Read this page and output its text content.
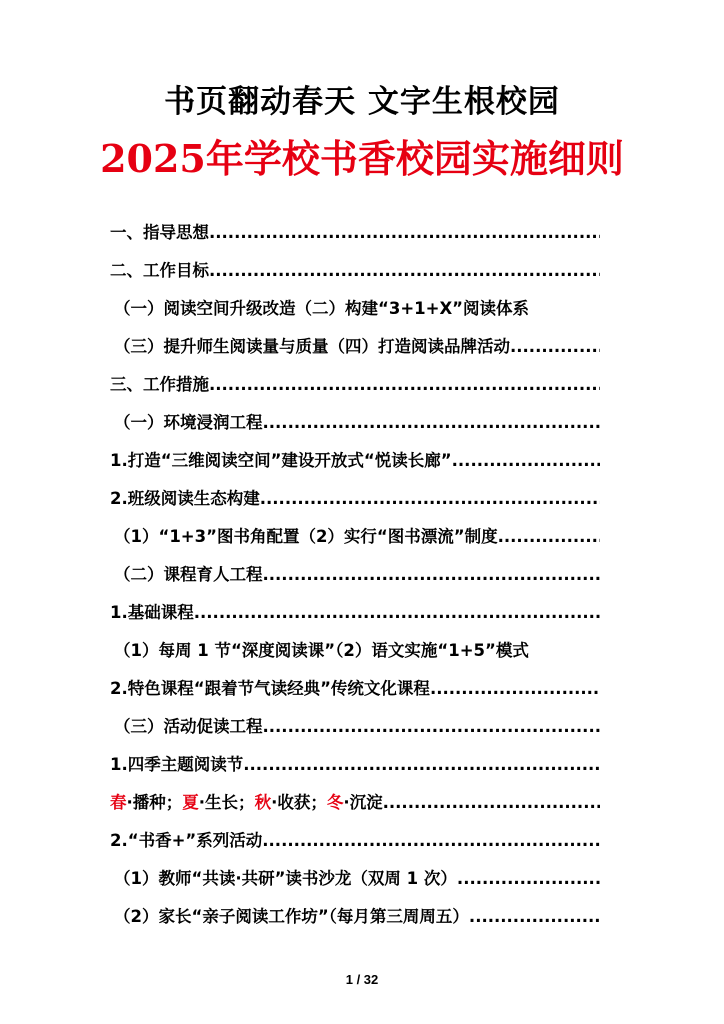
书页翻动春天 文字生根校园
2025年学校书香校园实施细则
一、指导思想
.....
二、工作目标
.....
（一）阅读空间升级改造（二）构建“3+1+X”阅读体系
（三）提升师生阅读量与质量（四）打造阅读品牌活动
.....
三、工作措施
.....
（一）环境浸润工程
.....
1.打造“三维阅读空间”建设开放式“悦读长廊”
.....
2.班级阅读生态构建
.....
（1）“1+3”图书角配置（2）实行“图书漂流”制度
.....
（二）课程育人工程
.....
1.基础课程
.....
（1）每周 1 节“深度阅读课”（2）语文实施“1+5”模式
2.特色课程“跟着节气读经典”传统文化课程
.....
（三）活动促读工程
.....
1.四季主题阅读节
.....
春·播种；夏·生长；秋·收获；冬·沉淀
.....
2.“书香+”系列活动
.....
（1）教师“共读·共研”读书沙龙（双周 1 次）
.....
（2）家长“亲子阅读工作坊”（每月第三周周五）
.....
1 / 32
